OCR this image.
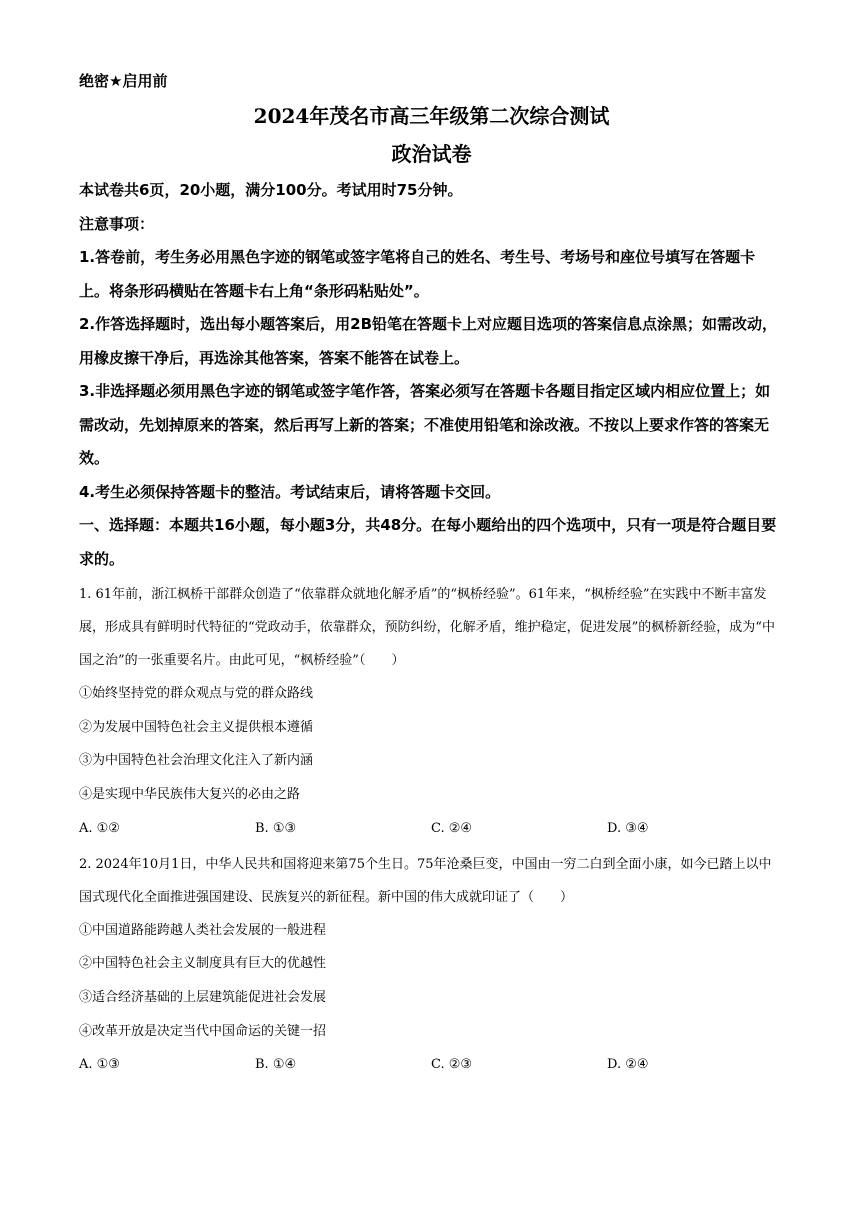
绝密★启用前
2024年茂名市高三年级第二次综合测试
政治试卷
本试卷共6页，20小题，满分100分。考试用时75分钟。
注意事项：
1.答卷前，考生务必用黑色字迹的钢笔或签字笔将自己的姓名、考生号、考场号和座位号填写在答题卡上。将条形码横贴在答题卡右上角“条形码粘贴处”。
2.作答选择题时，选出每小题答案后，用2B铅笔在答题卡上对应题目选项的答案信息点涂黑；如需改动，用橡皮擦干净后，再选涂其他答案，答案不能答在试卷上。
3.非选择题必须用黑色字迹的钢笔或签字笔作答，答案必须写在答题卡各题目指定区域内相应位置上；如需改动，先划掉原来的答案，然后再写上新的答案；不准使用铅笔和涂改液。不按以上要求作答的答案无效。
4.考生必须保持答题卡的整洁。考试结束后，请将答题卡交回。
一、选择题：本题共16小题，每小题3分，共48分。在每小题给出的四个选项中，只有一项是符合题目要求的。
1. 61年前，浙江枫桥干部群众创造了“依靠群众就地化解矛盾”的“枫桥经验”。61年来，“枫桥经验”在实践中不断丰富发展，形成具有鲜明时代特征的“党政动手，依靠群众，预防纠纷，化解矛盾，维护稳定，促进发展”的枫桥新经验，成为“中国之治”的一张重要名片。由此可见，“枫桥经验”（　　）
①始终坚持党的群众观点与党的群众路线
②为发展中国特色社会主义提供根本遵循
③为中国特色社会治理文化注入了新内涵
④是实现中华民族伟大复兴的必由之路
A. ①②	B. ①③	C. ②④	D. ③④
2. 2024年10月1日，中华人民共和国将迎来第75个生日。75年沧桑巨变，中国由一穷二白到全面小康，如今已踏上以中国式现代化全面推进强国建设、民族复兴的新征程。新中国的伟大成就印证了（　　）
①中国道路能跨越人类社会发展的一般进程
②中国特色社会主义制度具有巨大的优越性
③适合经济基础的上层建筑能促进社会发展
④改革开放是决定当代中国命运的关键一招
A. ①③	B. ①④	C. ②③	D. ②④
